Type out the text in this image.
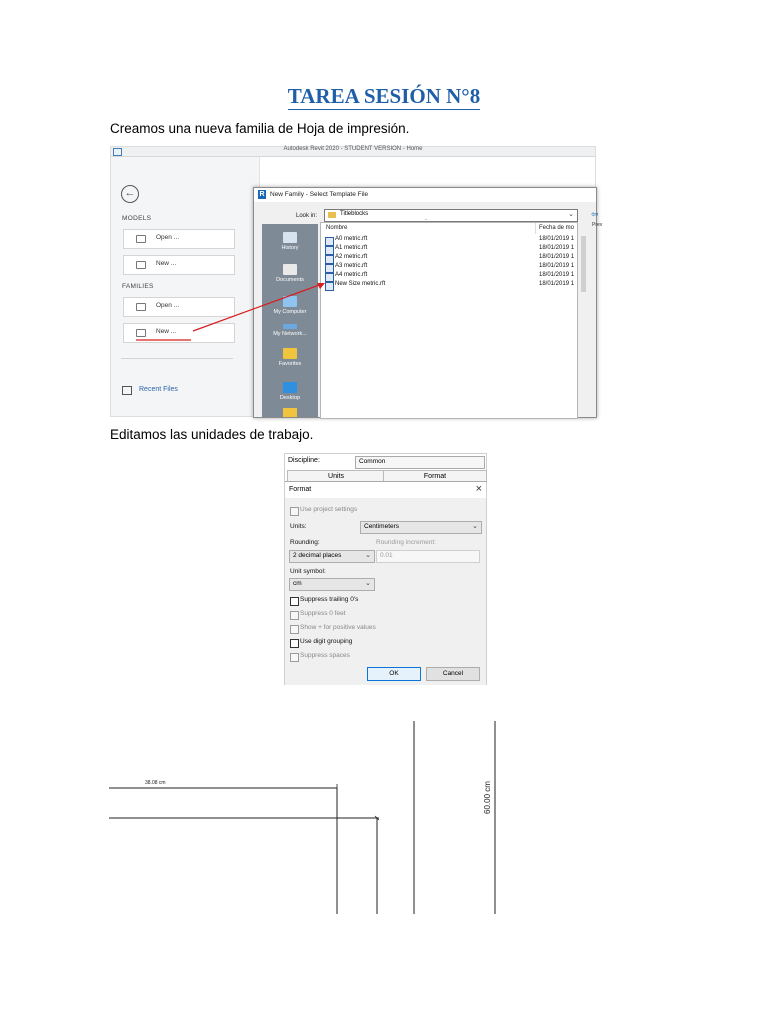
TAREA SESIÓN N°8
Creamos una nueva familia de Hoja de impresión.
Autodesk Revit 2020 - STUDENT VERSION - Home
←
MODELS
Open ...
New ...
FAMILIES
Open ...
New ...
Recent Files
R New Family - Select Template File
Look in:	Titleblocks	⌄ ⇦
Prev
History
Documents
My Computer
My Network...
Favorites
Desktop
Nombre
ˆ
Fecha de mo
A0 metric.rft	18/01/2019 1
A1 metric.rft	18/01/2019 1
A2 metric.rft	18/01/2019 1
A3 metric.rft	18/01/2019 1
A4 metric.rft	18/01/2019 1
New Size metric.rft	18/01/2019 1
Editamos las unidades de trabajo.
Discipline:	Common
Units	Format
Format	×
Use project settings
Units:	Centimeters	⌄
Rounding:	Rounding increment:
2 decimal places	⌄ 0.01
Unit symbol:
cm	⌄
Suppress trailing 0's
Suppress 0 feet
Show + for positive values
Use digit grouping
Suppress spaces
OK	Cancel
38.08 cm	60.00 cm
